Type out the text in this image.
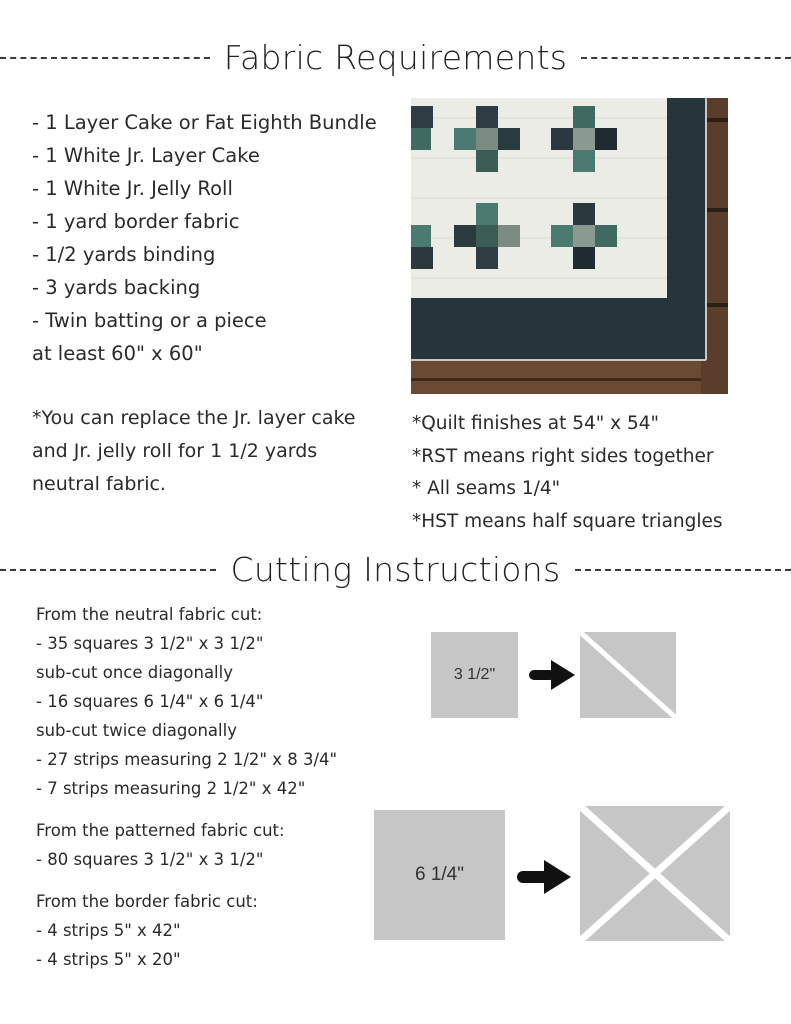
Fabric Requirements
- 1 Layer Cake or Fat Eighth Bundle
- 1 White Jr. Layer Cake
- 1 White Jr. Jelly Roll
- 1 yard border fabric
- 1/2 yards binding
- 3 yards backing
- Twin batting or a piece
at least 60" x 60"
*You can replace the Jr. layer cake
and Jr. jelly roll for 1 1/2 yards
neutral fabric.
*Quilt finishes at 54" x 54"
*RST means right sides together
* All seams 1/4"
*HST means half square triangles
Cutting Instructions
From the neutral fabric cut:
- 35 squares 3 1/2" x 3 1/2"
sub-cut once diagonally
- 16 squares 6 1/4" x 6 1/4"
sub-cut twice diagonally
- 27 strips measuring 2 1/2" x 8 3/4"
- 7 strips measuring 2 1/2" x 42"
From the patterned fabric cut:
- 80 squares 3 1/2" x 3 1/2"
From the border fabric cut:
- 4 strips 5" x 42"
- 4 strips 5" x 20"
3 1/2"
6 1/4"
